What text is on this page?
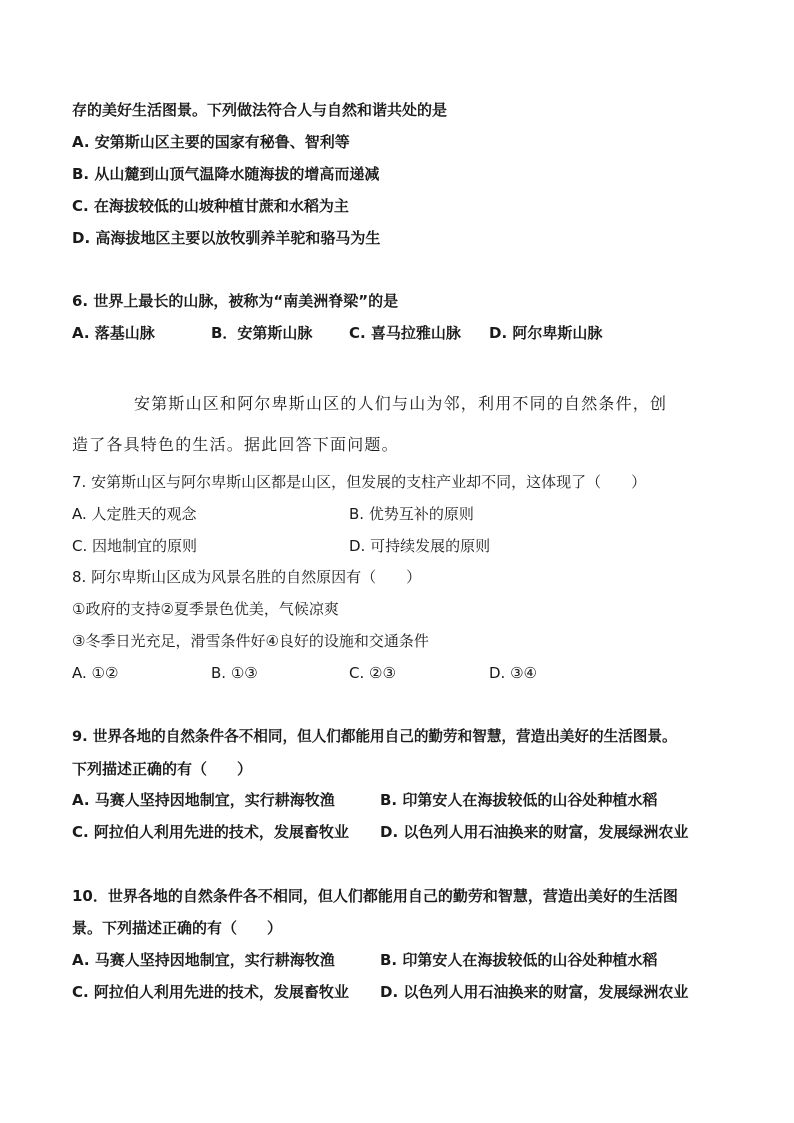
存的美好生活图景。下列做法符合人与自然和谐共处的是
A. 安第斯山区主要的国家有秘鲁、智利等
B. 从山麓到山顶气温降水随海拔的增高而递减
C. 在海拔较低的山坡种植甘蔗和水稻为主
D. 高海拔地区主要以放牧驯养羊驼和骆马为生
6. 世界上最长的山脉，被称为“南美洲脊梁”的是
A. 落基山脉	B．安第斯山脉 C. 喜马拉雅山脉 D. 阿尔卑斯山脉
安第斯山区和阿尔卑斯山区的人们与山为邻，利用不同的自然条件，创
造了各具特色的生活。据此回答下面问题。
7. 安第斯山区与阿尔卑斯山区都是山区，但发展的支柱产业却不同，这体现了（　　）
A. 人定胜天的观念	B. 优势互补的原则
C. 因地制宜的原则	D. 可持续发展的原则
8. 阿尔卑斯山区成为风景名胜的自然原因有（　　）
①政府的支持②夏季景色优美，气候凉爽
③冬季日光充足，滑雪条件好④良好的设施和交通条件
A. ①②	B. ①③	C. ②③	D. ③④
9. 世界各地的自然条件各不相同，但人们都能用自己的勤劳和智慧，营造出美好的生活图景。
下列描述正确的有（　　）
A. 马赛人坚持因地制宜，实行耕海牧渔	B. 印第安人在海拔较低的山谷处种植水稻
C. 阿拉伯人利用先进的技术，发展畜牧业 D. 以色列人用石油换来的财富，发展绿洲农业
10．世界各地的自然条件各不相同，但人们都能用自己的勤劳和智慧，营造出美好的生活图
景。下列描述正确的有（　　）
A. 马赛人坚持因地制宜，实行耕海牧渔	B. 印第安人在海拔较低的山谷处种植水稻
C. 阿拉伯人利用先进的技术，发展畜牧业 D. 以色列人用石油换来的财富，发展绿洲农业
